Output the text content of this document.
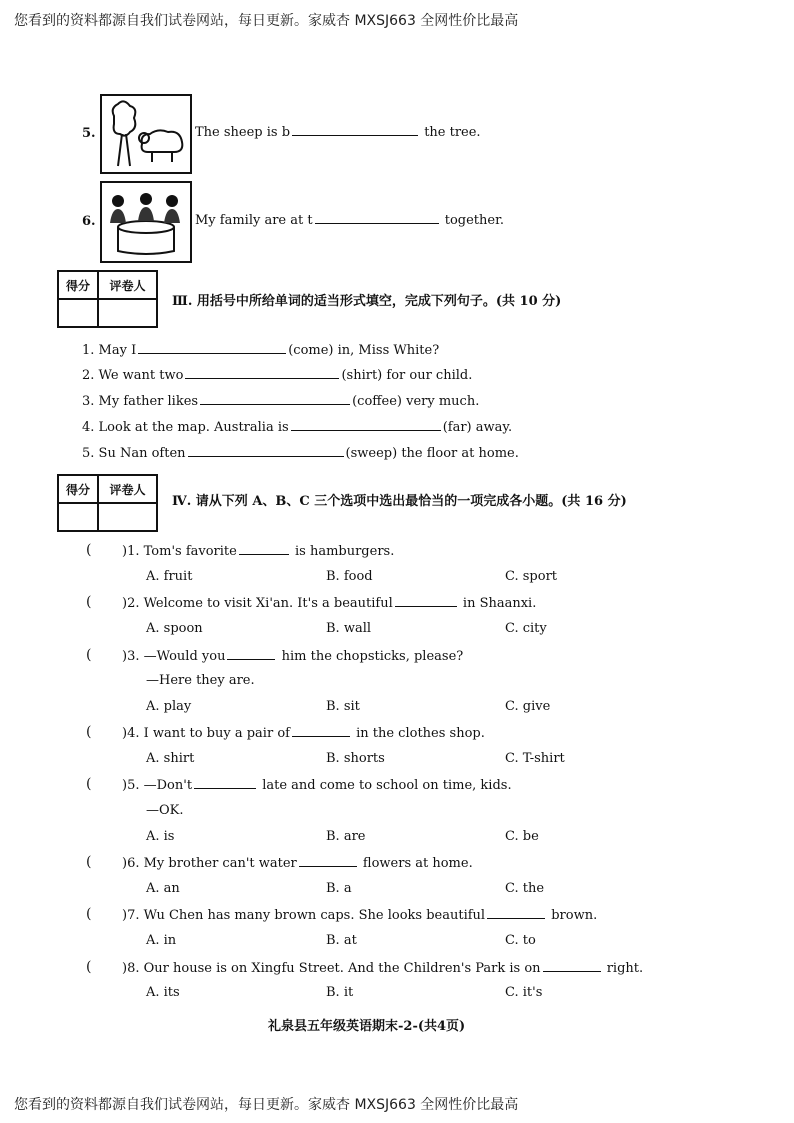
您看到的资料都源自我们试卷网站，每日更新。家威杏 MXSJ663 全网性价比最高
5.	The sheep is b	the tree.
6.	My family are at t	together.
得分	评卷人

Ⅲ. 用括号中所给单词的适当形式填空，完成下列句子。(共 10 分)
1. May I	(come) in, Miss White?
2. We want two	(shirt) for our child.
3. My father likes	(coffee) very much.
4. Look at the map. Australia is	(far) away.
5. Su Nan often	(sweep) the floor at home.
得分	评卷人

Ⅳ. 请从下列 A、B、C 三个选项中选出最恰当的一项完成各小题。(共 16 分)
( )1. Tom's favorite	is hamburgers.
A. fruit	B. food	C. sport
( )2. Welcome to visit Xi'an. It's a beautiful	in Shaanxi.
A. spoon	B. wall	C. city
( )3. —Would you	him the chopsticks, please?
—Here they are.
A. play	B. sit	C. give
( )4. I want to buy a pair of	in the clothes shop.
A. shirt	B. shorts	C. T-shirt
( )5. —Don't	late and come to school on time, kids.
—OK.
A. is	B. are	C. be
( )6. My brother can't water	flowers at home.
A. an	B. a	C. the
( )7. Wu Chen has many brown caps. She looks beautiful	brown.
A. in	B. at	C. to
( )8. Our house is on Xingfu Street. And the Children's Park is on	right.
A. its	B. it	C. it's
礼泉县五年级英语期末-2-(共4页)
您看到的资料都源自我们试卷网站，每日更新。家威杏 MXSJ663 全网性价比最高
